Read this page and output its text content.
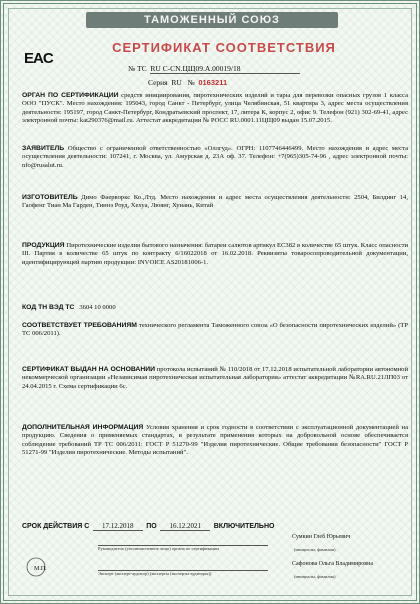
ТАМОЖЕННЫЙ СОЮЗ
EAC
СЕРТИФИКАТ СООТВЕТСТВИЯ
№ ТС RU С-CN.ЦЩ09.А.00019/18
Серия RU № 0163211
ОРГАН ПО СЕРТИФИКАЦИИ средств инициирования, пиротехнических изделий и тары для перевозки опасных грузов 1 класса ООО "ПУСК". Место нахождения: 195043, город Санкт - Петербург, улица Челябинская, 51 квартира 3, адрес места осуществления деятельности: 195197, город Санкт-Петербург, Кондратьевский проспект, 17, литера К, корпус 2, офис 9. Телефон (921) 302-69-41, адрес электронной почты: kat290376@mail.ru. Аттестат аккредитации № РОСС RU.0001.11ЦЩ09 выдан 15.07.2015.
ЗАЯВИТЕЛЬ Общество с ограниченной ответственностью «Оллгуд». ОГРН: 1107746446499. Место нахождения и адрес места осуществления деятельности: 107241, г. Москва, ул. Амурская д. 23А оф. 37. Телефон: +7(965)305-74-96 , адрес электронной почты: nfo@rusalut.ru.
ИЗГОТОВИТЕЛЬ Димо Фаерворкс Ко.,Лтд. Место нахождения и адрес места осуществления деятельности: 2504, Билдинг 14, Гаофенг Тиан Ма Гарден, Тиннэ Роуд, Хехуа, Люянг, Хунань, Китай
ПРОДУКЦИЯ Пиротехнические изделия бытового назначения: батареи салютов артикул ЕС382 в количестве 65 штук. Класс опасности III. Партия в количестве 65 штук по контракту 6/16022018 от 16.02.2018. Реквизиты товаросопроводительной документации, идентифицирующей партию продукции: INVOICE AS20181006-1.
КОД ТН ВЭД ТС 3604 10 0000
СООТВЕТСТВУЕТ ТРЕБОВАНИЯМ технического регламента Таможенного союза «О безопасности пиротехнических изделий» (ТР ТС 006/2011).
СЕРТИФИКАТ ВЫДАН НА ОСНОВАНИИ протокола испытаний № 110/2018 от 17.12.2018 испытательной лаборатории автономной некоммерческой организации «Независимая пиротехническая испытательная лаборатория» аттестат аккредитации №RA.RU.21ЛП03 от 24.04.2015 г. Схема сертификации 6с.
ДОПОЛНИТЕЛЬНАЯ ИНФОРМАЦИЯ Условия хранения и срок годности в соответствии с эксплуатационной документацией на продукцию. Сведения о применяемых стандартах, в результате применения которых на добровольной основе обеспечивается соблюдение требований ТР ТС 006/2011: ГОСТ Р 51270-99 "Изделия пиротехнические. Общие требования безопасности" ГОСТ Р 51271-99 "Изделия пиротехнические. Методы испытаний".
СРОК ДЕЙСТВИЯ С 17.12.2018 ПО 16.12.2021 ВКЛЮЧИТЕЛЬНО
М.П.

Руководитель (уполномоченное лицо) органа по сертификации
Сумкин Глеб Юрьевич
(инициалы, фамилия)

Эксперт (эксперт-аудитор) (эксперты (эксперты-аудиторы))
Сафонова Ольга Владимировна
(инициалы, фамилия)
